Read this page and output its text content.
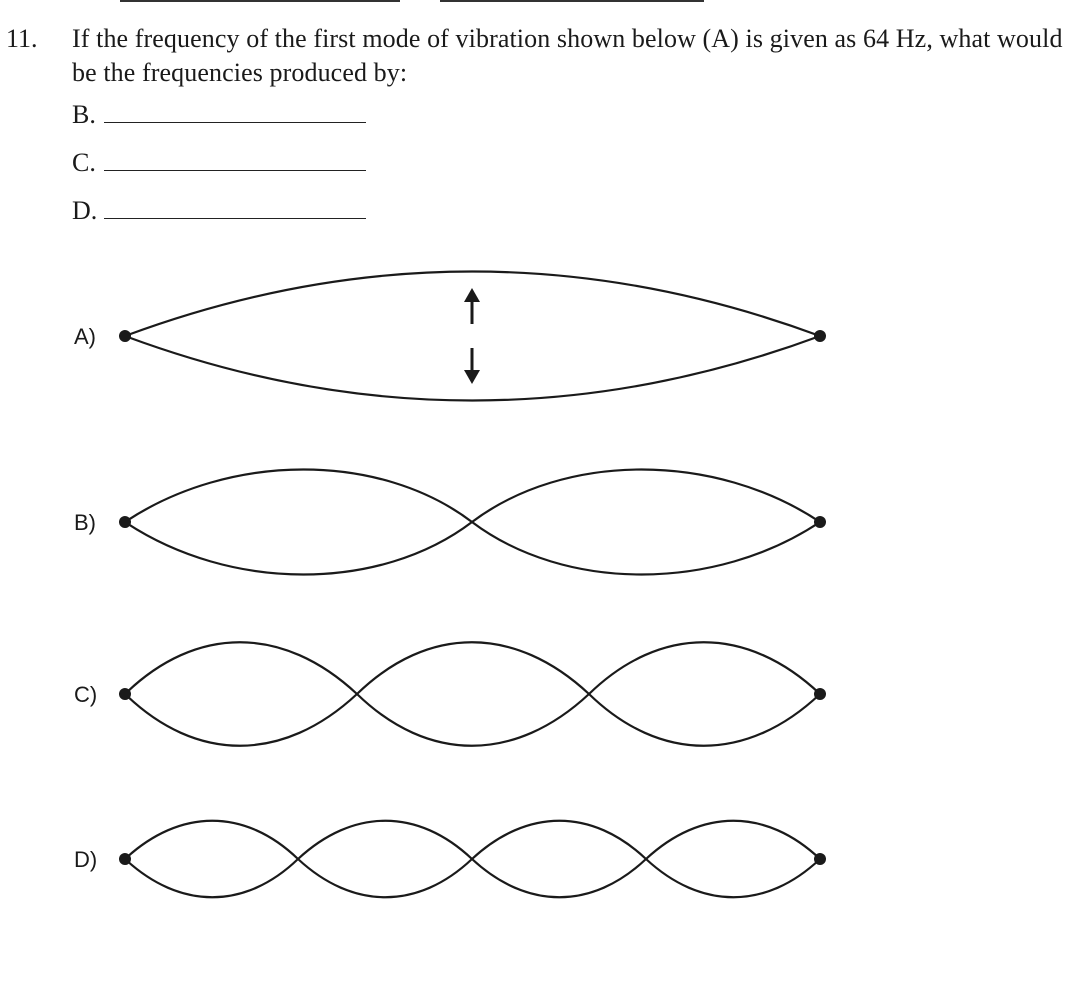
11. If the frequency of the first mode of vibration shown below (A) is given as 64 Hz, what would be the frequencies produced by:
B.
C.
D.
A)
B)
C)
D)
